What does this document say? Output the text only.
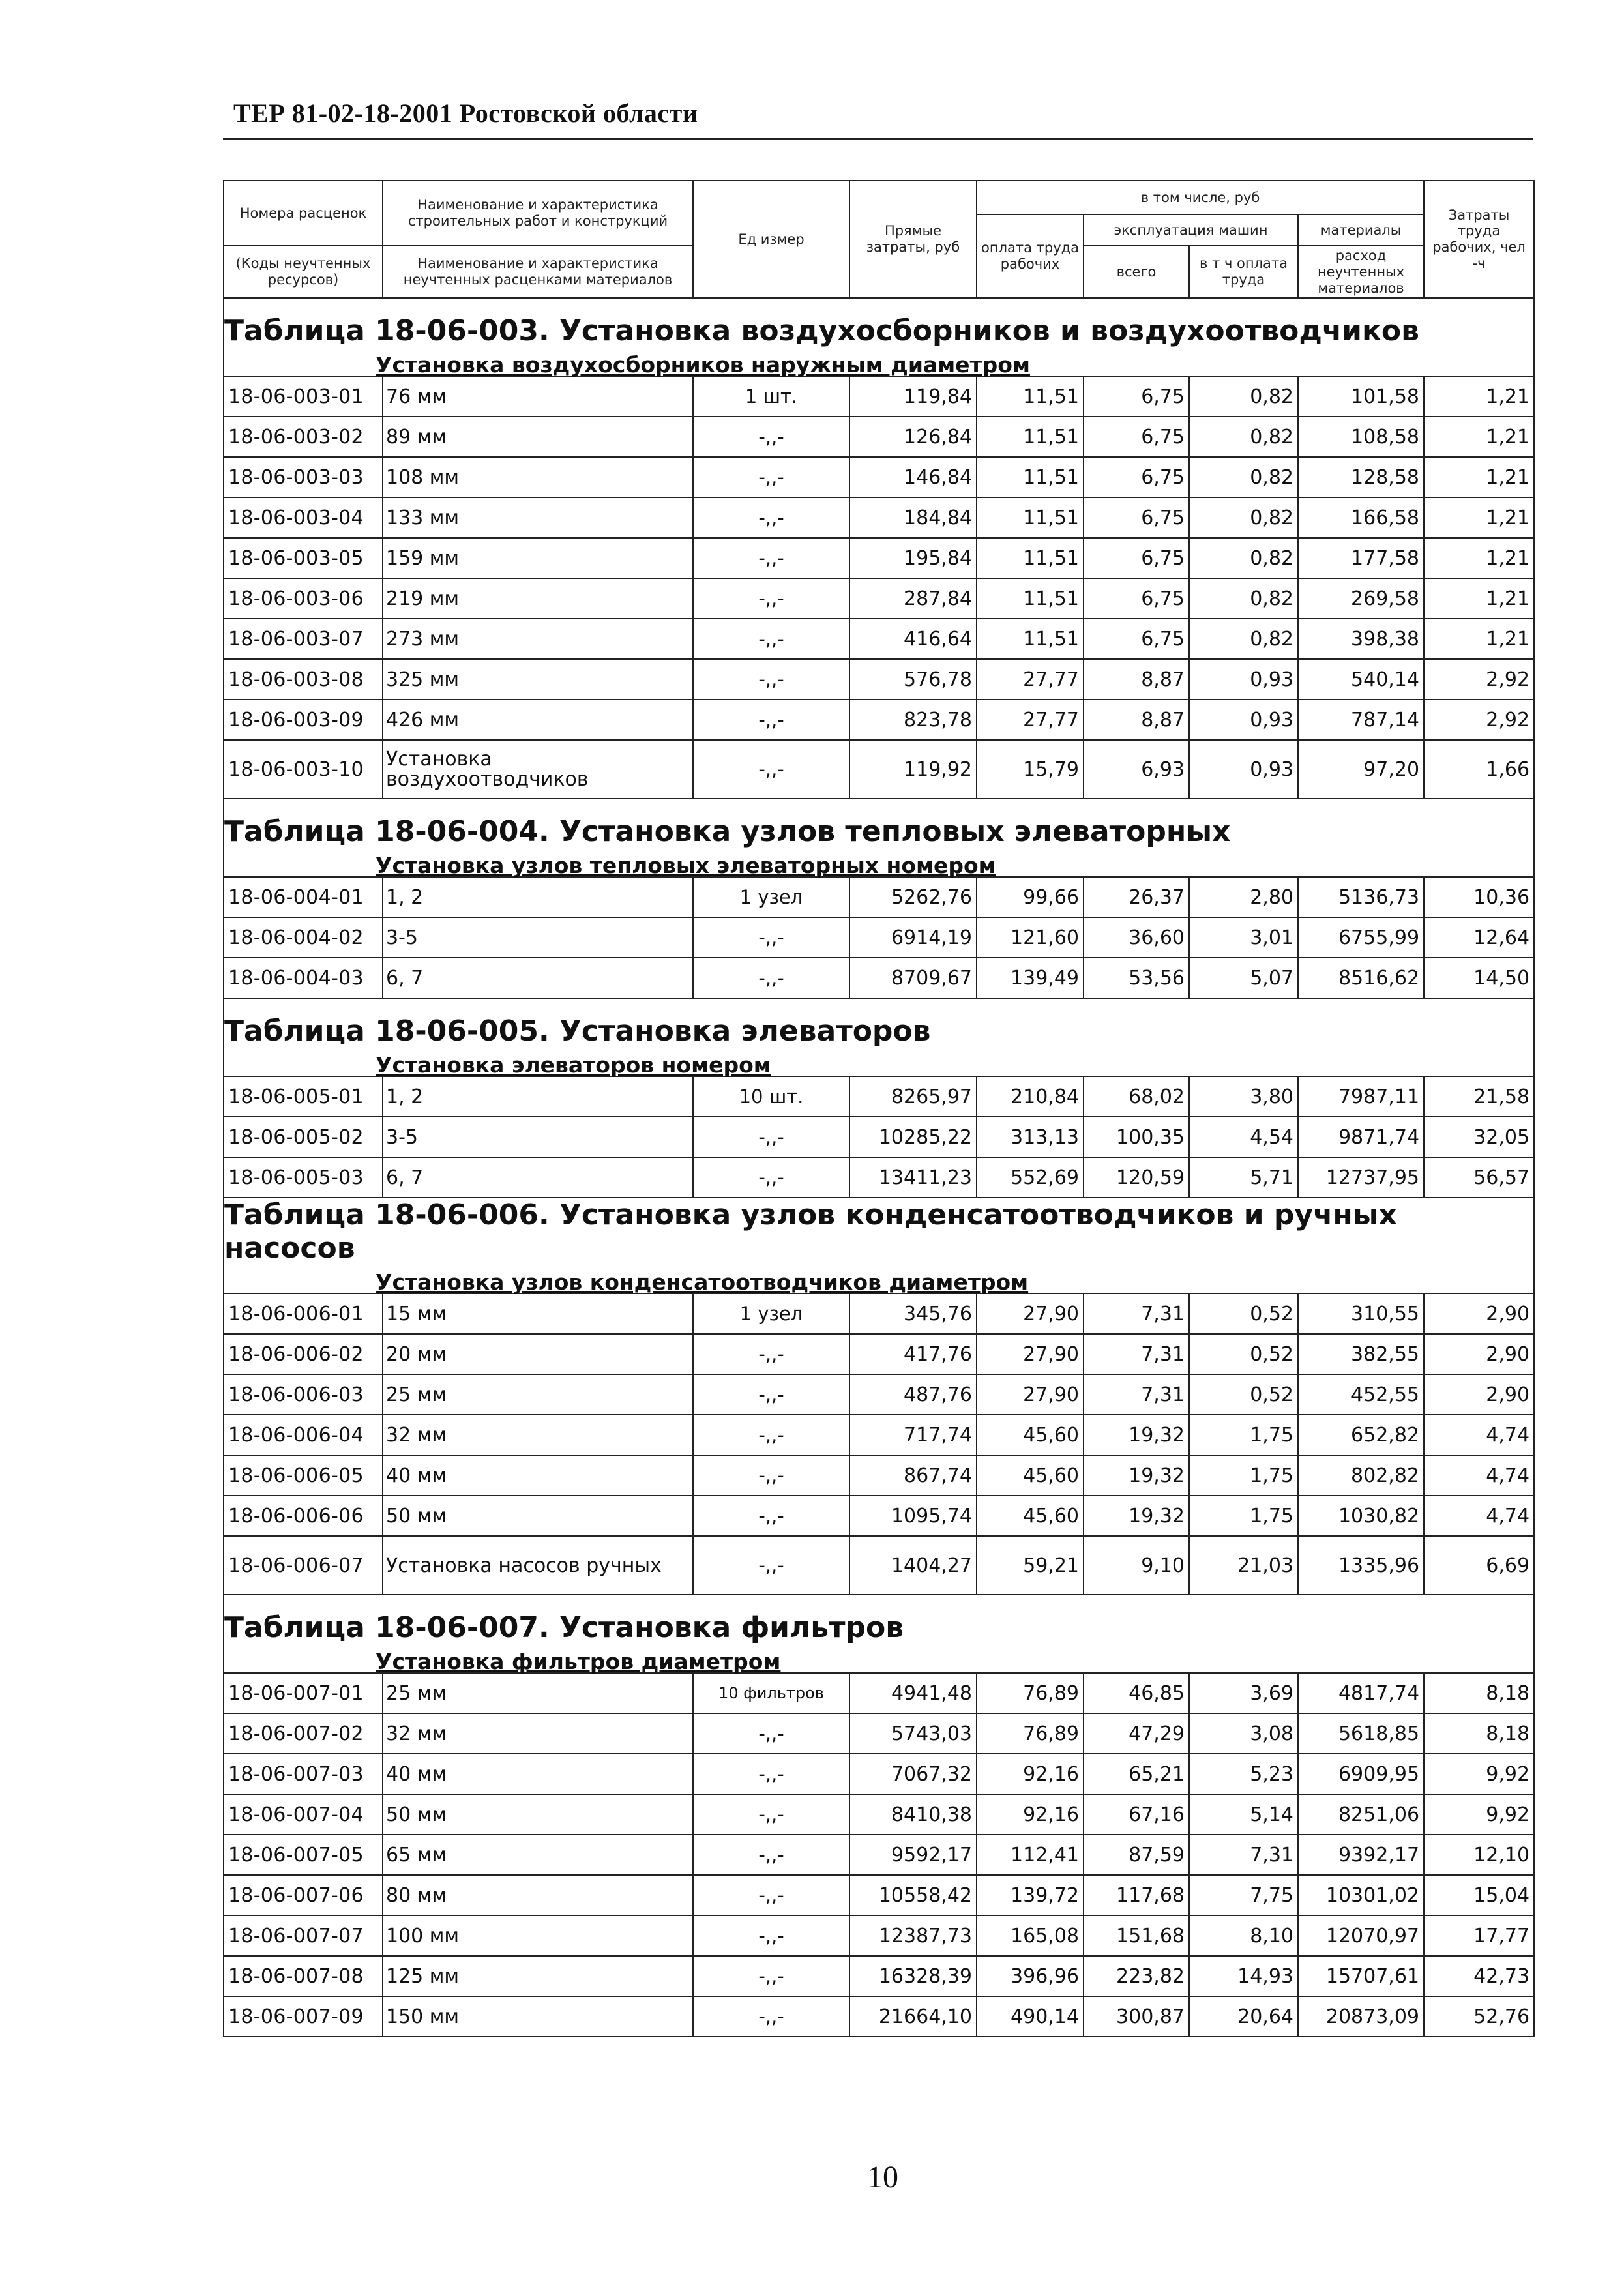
ТЕР 81-02-18-2001 Ростовской области
Номера расценок	Наименование и характеристика строительных работ и конструкций	Ед измер	Прямые затраты, руб	в том числе, руб				Затраты труда рабочих, чел -ч
				оплата труда рабочих	эксплуатация машин		материалы	
(Коды неучтенных ресурсов)	Наименование и характеристика неучтенных расценками материалов				всего	в т ч оплата труда	расход неучтенных материалов	

Таблица 18-06-003. Установка воздухосборников и воздухоотводчиков								
Установка воздухосборников наружным диаметром								
18-06-003-01	76 мм	1 шт.	119,84	11,51	6,75	0,82	101,58	1,21
18-06-003-02	89 мм	-,,-	126,84	11,51	6,75	0,82	108,58	1,21
18-06-003-03	108 мм	-,,-	146,84	11,51	6,75	0,82	128,58	1,21
18-06-003-04	133 мм	-,,-	184,84	11,51	6,75	0,82	166,58	1,21
18-06-003-05	159 мм	-,,-	195,84	11,51	6,75	0,82	177,58	1,21
18-06-003-06	219 мм	-,,-	287,84	11,51	6,75	0,82	269,58	1,21
18-06-003-07	273 мм	-,,-	416,64	11,51	6,75	0,82	398,38	1,21
18-06-003-08	325 мм	-,,-	576,78	27,77	8,87	0,93	540,14	2,92
18-06-003-09	426 мм	-,,-	823,78	27,77	8,87	0,93	787,14	2,92
18-06-003-10	Установка воздухоотводчиков	-,,-	119,92	15,79	6,93	0,93	97,20	1,66
Таблица 18-06-004. Установка узлов тепловых элеваторных								
Установка узлов тепловых элеваторных номером								
18-06-004-01	1, 2	1 узел	5262,76	99,66	26,37	2,80	5136,73	10,36
18-06-004-02	3-5	-,,-	6914,19	121,60	36,60	3,01	6755,99	12,64
18-06-004-03	6, 7	-,,-	8709,67	139,49	53,56	5,07	8516,62	14,50
Таблица 18-06-005. Установка элеваторов								
Установка элеваторов номером								
18-06-005-01	1, 2	10 шт.	8265,97	210,84	68,02	3,80	7987,11	21,58
18-06-005-02	3-5	-,,-	10285,22	313,13	100,35	4,54	9871,74	32,05
18-06-005-03	6, 7	-,,-	13411,23	552,69	120,59	5,71	12737,95	56,57
Таблица 18-06-006. Установка узлов конденсатоотводчиков и ручных насосов								
Установка узлов конденсатоотводчиков диаметром								
18-06-006-01	15 мм	1 узел	345,76	27,90	7,31	0,52	310,55	2,90
18-06-006-02	20 мм	-,,-	417,76	27,90	7,31	0,52	382,55	2,90
18-06-006-03	25 мм	-,,-	487,76	27,90	7,31	0,52	452,55	2,90
18-06-006-04	32 мм	-,,-	717,74	45,60	19,32	1,75	652,82	4,74
18-06-006-05	40 мм	-,,-	867,74	45,60	19,32	1,75	802,82	4,74
18-06-006-06	50 мм	-,,-	1095,74	45,60	19,32	1,75	1030,82	4,74
18-06-006-07	Установка насосов ручных	-,,-	1404,27	59,21	9,10	21,03	1335,96	6,69
Таблица 18-06-007. Установка фильтров								
Установка фильтров диаметром								
18-06-007-01	25 мм	10 фильтров	4941,48	76,89	46,85	3,69	4817,74	8,18
18-06-007-02	32 мм	-,,-	5743,03	76,89	47,29	3,08	5618,85	8,18
18-06-007-03	40 мм	-,,-	7067,32	92,16	65,21	5,23	6909,95	9,92
18-06-007-04	50 мм	-,,-	8410,38	92,16	67,16	5,14	8251,06	9,92
18-06-007-05	65 мм	-,,-	9592,17	112,41	87,59	7,31	9392,17	12,10
18-06-007-06	80 мм	-,,-	10558,42	139,72	117,68	7,75	10301,02	15,04
18-06-007-07	100 мм	-,,-	12387,73	165,08	151,68	8,10	12070,97	17,77
18-06-007-08	125 мм	-,,-	16328,39	396,96	223,82	14,93	15707,61	42,73
18-06-007-09	150 мм	-,,-	21664,10	490,14	300,87	20,64	20873,09	52,76
10
